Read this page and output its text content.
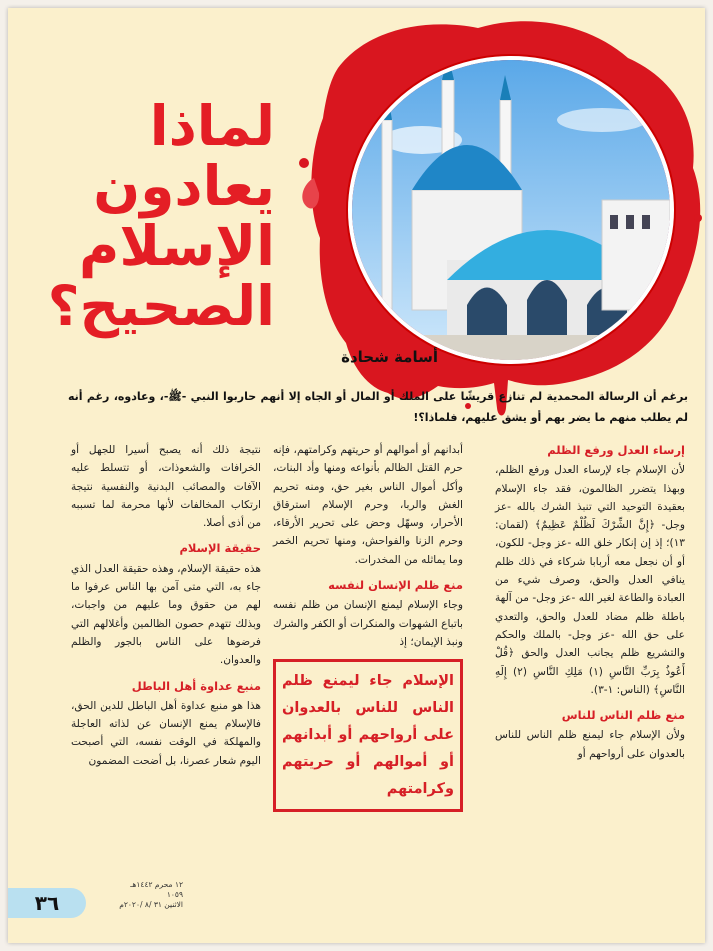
لماذا
يعادون
الإسلام
الصحيح؟
أسامة شحادة
برغم أن الرسالة المحمدية لم تنازع قريشًا على الملك أو المال أو الجاه إلا أنهم حاربوا النبي -ﷺ-، وعادوه، رغم أنه لم يطلب منهم ما يضر بهم أو يشق عليهم، فلماذا؟!
إرساء العدل ورفع الظلم

لأن الإسلام جاء لإرساء العدل ورفع الظلم، وبهذا يتضرر الظالمون، فقد جاء الإسلام بعقيدة التوحيد التي تنبذ الشرك بالله -عز وجل- ﴿إِنَّ الشِّرْكَ لَظُلْمٌ عَظِيمٌ﴾ (لقمان: ١٣)؛ إذ إن إنكار خلق الله -عز وجل- للكون، أو أن نجعل معه أربابا شركاء في ذلك ظلم ينافي العدل والحق، وصرف شيء من العبادة والطاعة لغير الله -عز وجل- من آلهة باطلة ظلم مضاد للعدل والحق، والتعدي على حق الله -عز وجل- بالملك والحكم والتشريع ظلم يجانب العدل والحق ﴿قُلْ أَعُوذُ بِرَبِّ النَّاسِ (١) مَلِكِ النَّاسِ (٢) إِلَهِ النَّاسِ﴾ (الناس: ١-٣).

منع ظلم الناس للناس

ولأن الإسلام جاء ليمنع ظلم الناس للناس بالعدوان على أرواحهم أو

أبدانهم أو أموالهم أو حريتهم وكرامتهم، فإنه حرم القتل الظالم بأنواعه ومنها وأد البنات، وأكل أموال الناس بغير حق، ومنه تحريم الغش والربا، وحرم الإسلام استرقاق الأحرار، وسهّل وحض على تحرير الأرقاء، وحرم الزنا والفواحش، ومنها تحريم الخمر وما يماثله من المخدرات.

منع ظلم الإنسان لنفسه

وجاء الإسلام ليمنع الإنسان من ظلم نفسه باتباع الشهوات والمنكرات أو الكفر والشرك ونبذ الإيمان؛ إذ

الإسلام جاء ليمنع ظلم الناس للناس بالعدوان على أرواحهم أو أبدانهم أو أموالهم أو حريتهم وكرامتهم

نتيجة ذلك أنه يصبح أسيرا للجهل أو الخرافات والشعوذات، أو تتسلط عليه الآفات والمصائب البدنية والنفسية نتيجة ارتكاب المخالفات لأنها محرمة لما تسببه من أذى أصلا.

حقيقة الإسلام

هذه حقيقة الإسلام، وهذه حقيقة العدل الذي جاء به، التي متى آمن بها الناس عرفوا ما لهم من حقوق وما عليهم من واجبات، وبذلك تتهدم حصون الظالمين وأغلالهم التي فرضوها على الناس بالجور والظلم والعدوان.

منبع عداوة أهل الباطل

هذا هو منبع عداوة أهل الباطل للدين الحق، فالإسلام يمنع الإنسان عن لذاته العاجلة والمهلكة في الوقت نفسه، التي أصبحت اليوم شعار عصرنا، بل أضحت المضمون

٣٦
١٢ محرم ١٤٤٢هـ
١٠٥٩
الاثنين ٣١ /٨ /٢٠٢٠م
